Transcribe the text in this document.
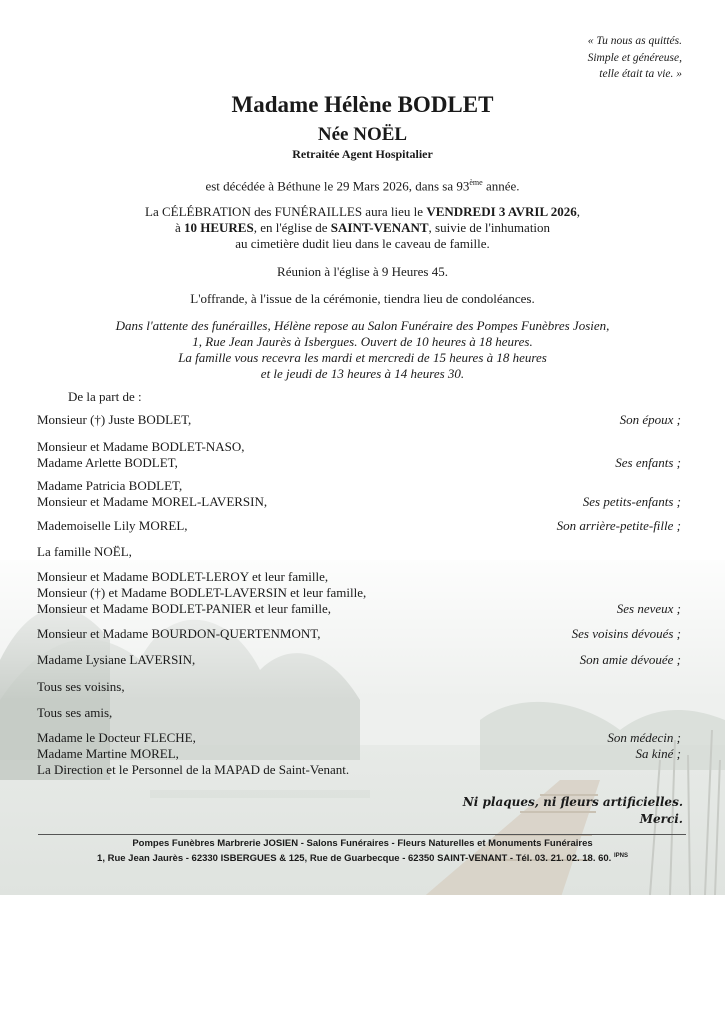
« Tu nous as quittés.
Simple et généreuse,
telle était ta vie. »
Madame Hélène BODLET
Née NOËL
Retraitée Agent Hospitalier
est décédée à Béthune le 29 Mars 2026, dans sa 93ème année.
La CÉLÉBRATION des FUNÉRAILLES aura lieu le VENDREDI 3 AVRIL 2026,
à 10 HEURES, en l'église de SAINT-VENANT, suivie de l'inhumation
au cimetière dudit lieu dans le caveau de famille.
Réunion à l'église à 9 Heures 45.
L'offrande, à l'issue de la cérémonie, tiendra lieu de condoléances.
Dans l'attente des funérailles, Hélène repose au Salon Funéraire des Pompes Funèbres Josien,
1, Rue Jean Jaurès à Isbergues. Ouvert de 10 heures à 18 heures.
La famille vous recevra les mardi et mercredi de 15 heures à 18 heures
et le jeudi de 13 heures à 14 heures 30.
De la part de :
Monsieur (†) Juste BODLET,	Son époux ;
Monsieur et Madame BODLET-NASO,
Madame Arlette BODLET,	Ses enfants ;
Madame Patricia BODLET,
Monsieur et Madame MOREL-LAVERSIN,	Ses petits-enfants ;
Mademoiselle Lily MOREL,	Son arrière-petite-fille ;
La famille NOËL,
Monsieur et Madame BODLET-LEROY et leur famille,
Monsieur (†) et Madame BODLET-LAVERSIN et leur famille,
Monsieur et Madame BODLET-PANIER et leur famille,	Ses neveux ;
Monsieur et Madame BOURDON-QUERTENMONT,	Ses voisins dévoués ;
Madame Lysiane LAVERSIN,	Son amie dévouée ;
Tous ses voisins,
Tous ses amis,
Madame le Docteur FLECHE,	Son médecin ;
Madame Martine MOREL,	Sa kiné ;
La Direction et le Personnel de la MAPAD de Saint-Venant.
Ni plaques, ni fleurs artificielles.
Merci.
Pompes Funèbres Marbrerie JOSIEN - Salons Funéraires - Fleurs Naturelles et Monuments Funéraires
1, Rue Jean Jaurès - 62330 ISBERGUES & 125, Rue de Guarbecque - 62350 SAINT-VENANT - Tél. 03. 21. 02. 18. 60. $^{IPNS}$
